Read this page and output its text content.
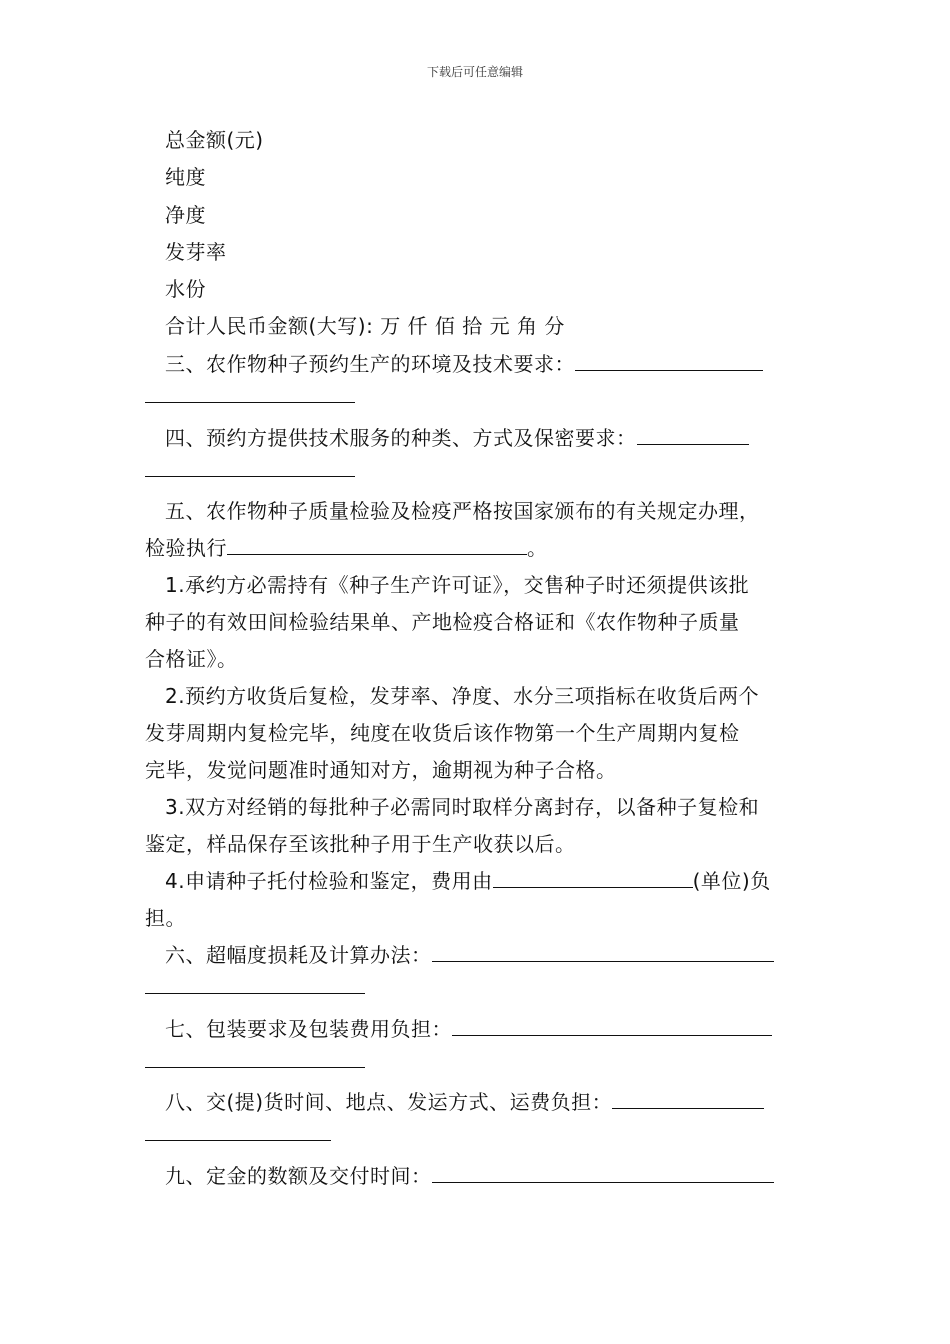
下载后可任意编辑
总金额(元)
纯度
净度
发芽率
水份
合计人民币金额(大写): 万 仟 佰 拾 元 角 分
三、农作物种子预约生产的环境及技术要求：
四、预约方提供技术服务的种类、方式及保密要求：
五、农作物种子质量检验及检疫严格按国家颁布的有关规定办理，
检验执行	。
1.承约方必需持有《种子生产许可证》，交售种子时还须提供该批
种子的有效田间检验结果单、产地检疫合格证和《农作物种子质量
合格证》。
2.预约方收货后复检，发芽率、净度、水分三项指标在收货后两个
发芽周期内复检完毕，纯度在收货后该作物第一个生产周期内复检
完毕，发觉问题准时通知对方，逾期视为种子合格。
3.双方对经销的每批种子必需同时取样分离封存，以备种子复检和
鉴定，样品保存至该批种子用于生产收获以后。
4.申请种子托付检验和鉴定，费用由	(单位)负
担。
六、超幅度损耗及计算办法：
七、包装要求及包装费用负担：
八、交(提)货时间、地点、发运方式、运费负担：
九、定金的数额及交付时间：
